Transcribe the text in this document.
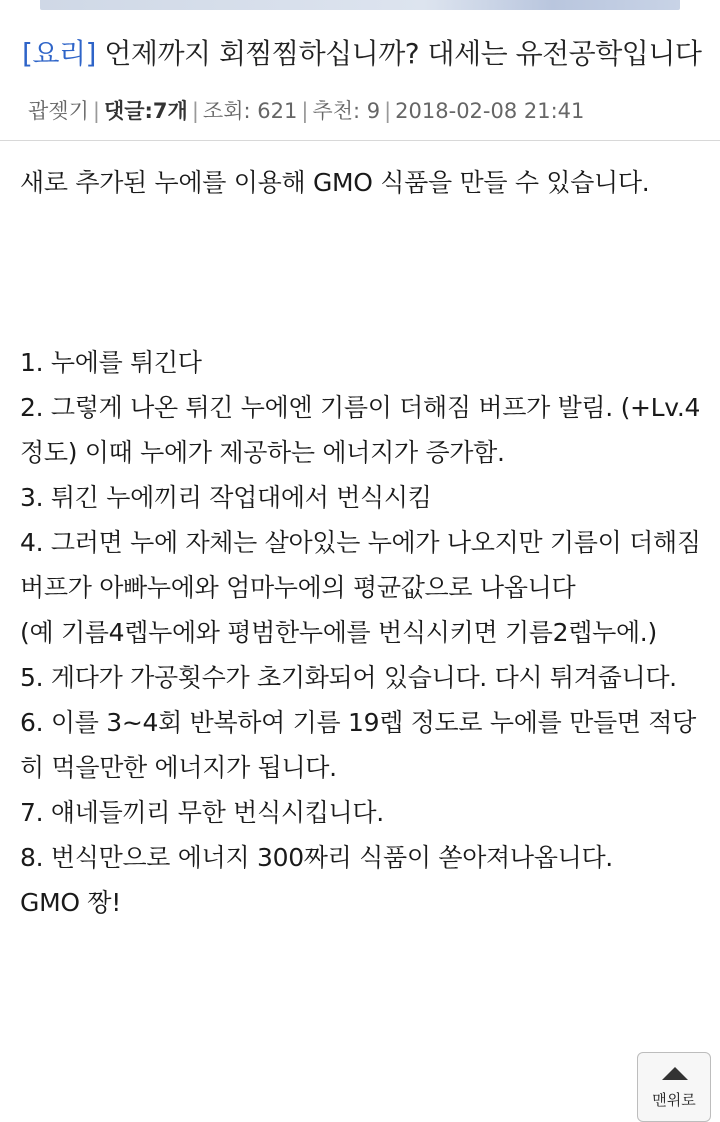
[요리] 언제까지 회찜찜하십니까? 대세는 유전공학입니다
괍젲기 | 댓글:7개 | 조회: 621 | 추천: 9 | 2018-02-08 21:41

새로 추가된 누에를 이용해 GMO 식품을 만들 수 있습니다.

1. 누에를 튀긴다

2. 그렇게 나온 튀긴 누에엔 기름이 더해짐 버프가 발림. (+Lv.4 정도) 이때 누에가 제공하는 에너지가 증가함.

3. 튀긴 누에끼리 작업대에서 번식시킴

4. 그러면 누에 자체는 살아있는 누에가 나오지만 기름이 더해짐 버프가 아빠누에와 엄마누에의 평균값으로 나옵니다

(예 기름4렙누에와 평범한누에를 번식시키면 기름2렙누에.)

5. 게다가 가공횟수가 초기화되어 있습니다. 다시 튀겨줍니다.

6. 이를 3~4회 반복하여 기름 19렙 정도로 누에를 만들면 적당히 먹을만한 에너지가 됩니다.

7. 얘네들끼리 무한 번식시킵니다.

8. 번식만으로 에너지 300짜리 식품이 쏟아져나옵니다.

GMO 짱!

맨위로
